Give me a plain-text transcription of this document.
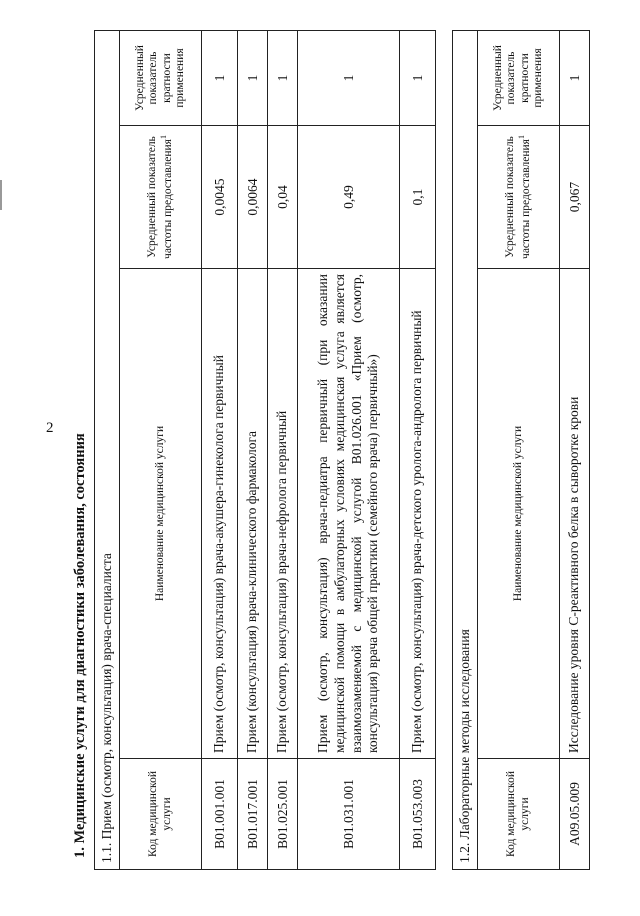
2
1. Медицинские услуги для диагностики заболевания, состояния 1.1. Прием (осмотр, консультация) врача-специалиста			
Код медицинской услуги	Наименование медицинской услуги	Усредненный показатель частоты предоставления$^1$	Усредненный показатель кратности применения
B01.001.001	Прием (осмотр, консультация) врача-акушера-гинеколога первичный	0,0045	1
B01.017.001	Прием (консультация) врача-клинического фармаколога	0,0064	1
B01.025.001	Прием (осмотр, консультация) врача-нефролога первичный	0,04	1
B01.031.001	Прием (осмотр, консультация) врача-педиатра первичный (при оказании медицинской помощи в амбулаторных условиях медицинская услуга является взаимозаменяемой с медицинской услугой B01.026.001 «Прием (осмотр, консультация) врача общей практики (семейного врача) первичный»)	0,49	1
B01.053.003	Прием (осмотр, консультация) врача-детского уролога-андролога первичный	0,1	1
1.2. Лабораторные методы исследования			
Код медицинской услуги	Наименование медицинской услуги	Усредненный показатель частоты предоставления$^1$	Усредненный показатель кратности применения
A09.05.009	Исследование уровня С-реактивного белка в сыворотке крови	0,067	1
